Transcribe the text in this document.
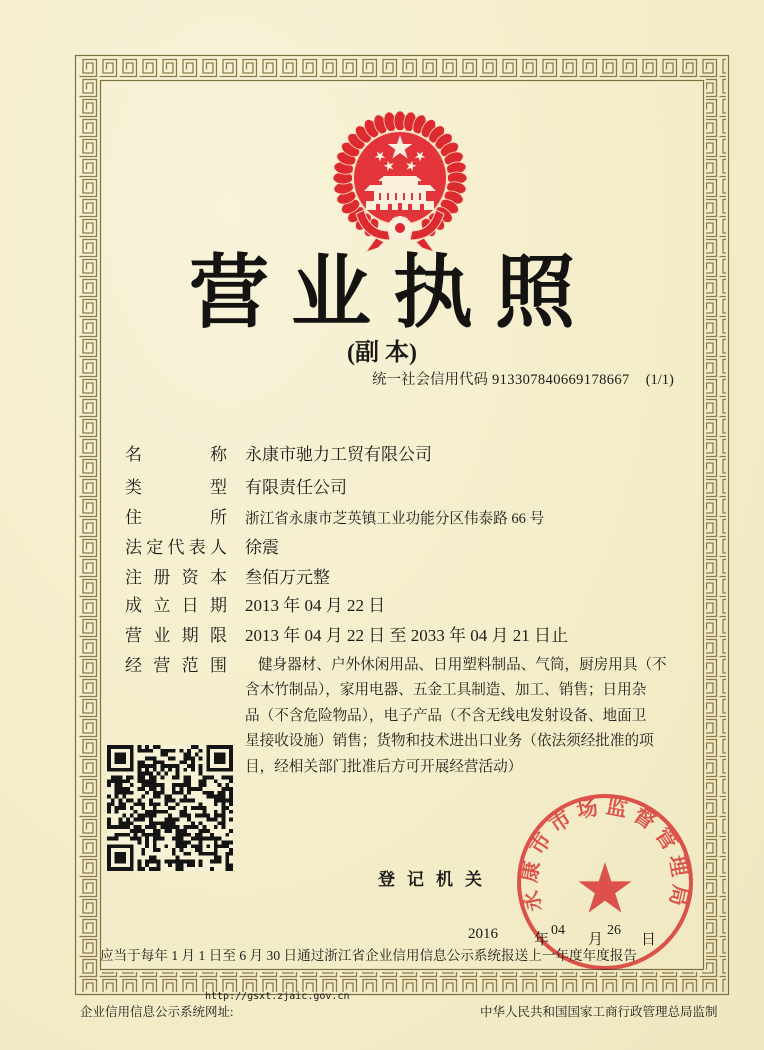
营业执照
(副 本)
统一社会信用代码 913307840669178667 (1/1)
名	称 永康市驰力工贸有限公司
类	型 有限责任公司
住	所 浙江省永康市芝英镇工业功能分区伟泰路 66 号
法 定 代 表 人 徐震
注 册 资 本 叁佰万元整
成 立 日 期 2013 年 04 月 22 日
营 业 期 限 2013 年 04 月 22 日 至 2033 年 04 月 21 日止
经 营 范 围	健身器材、户外休闲用品、日用塑料制品、气筒，厨房用具（不
含木竹制品），家用电器、五金工具制造、加工、销售；日用杂
品（不含危险物品），电子产品（不含无线电发射设备、地面卫
星接收设施）销售；货物和技术进出口业务（依法须经批准的项
目，经相关部门批准后方可开展经营活动）
登记机关
2016 年
04
月
26
日
永康市市场监督管理局
应当于每年 1 月 1 日至 6 月 30 日通过浙江省企业信用信息公示系统报送上一年度年度报告
http://gsxt.zjaic.gov.cn
企业信用信息公示系统网址:	中华人民共和国国家工商行政管理总局监制
